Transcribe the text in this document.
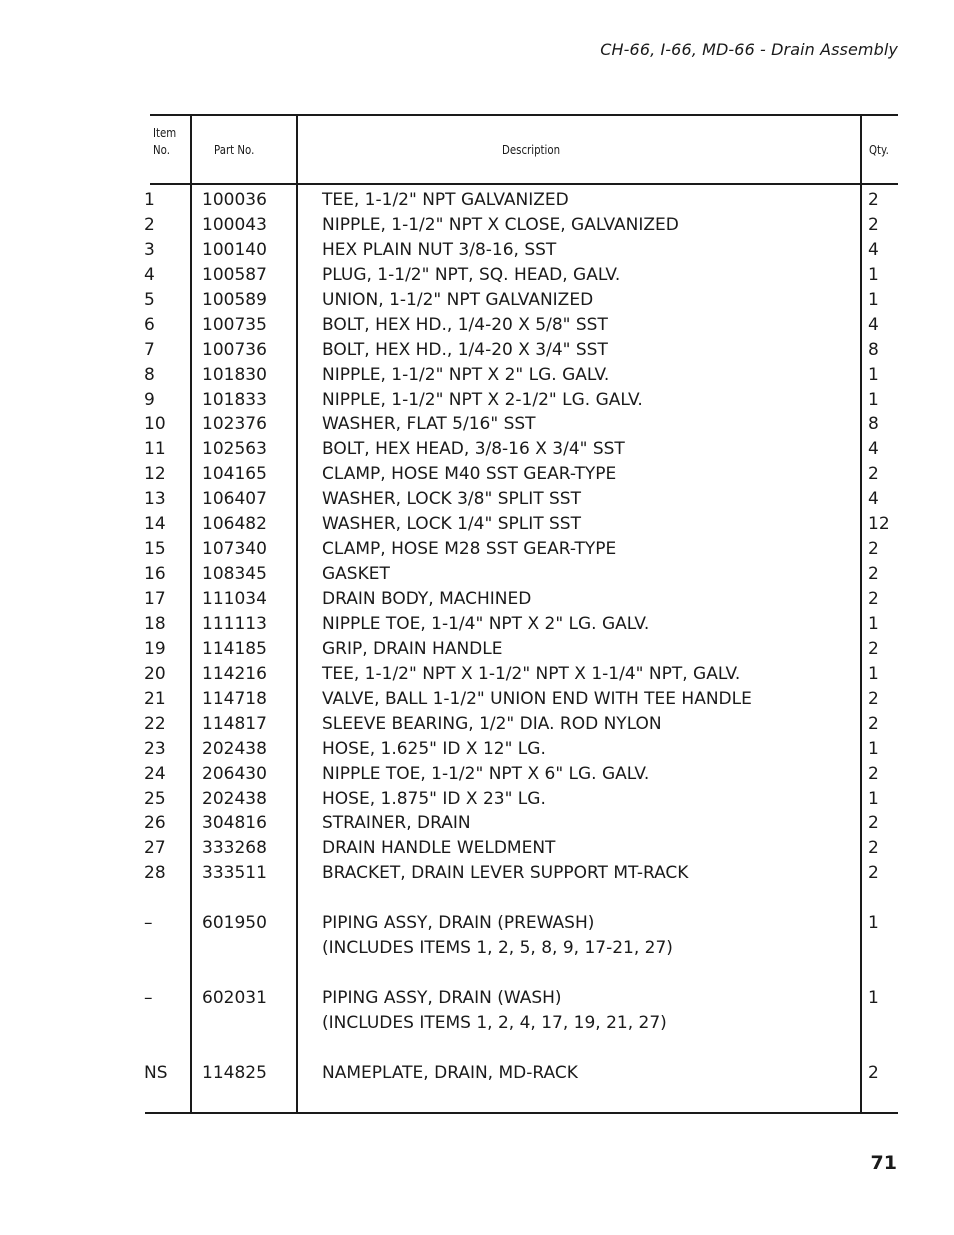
CH-66, I-66, MD-66 - Drain Assembly
Item
No.	Part No.	Description	Qty.
1	100036	TEE, 1-1/2" NPT GALVANIZED	2
2	100043	NIPPLE, 1-1/2" NPT X CLOSE, GALVANIZED	2
3	100140	HEX PLAIN NUT 3/8-16, SST	4
4	100587	PLUG, 1-1/2" NPT, SQ. HEAD, GALV.	1
5	100589	UNION, 1-1/2" NPT GALVANIZED	1
6	100735	BOLT, HEX HD., 1/4-20 X 5/8" SST	4
7	100736	BOLT, HEX HD., 1/4-20 X 3/4" SST	8
8	101830	NIPPLE, 1-1/2" NPT X 2" LG. GALV.	1
9	101833	NIPPLE, 1-1/2" NPT X 2-1/2" LG. GALV.	1
10 102376	WASHER, FLAT 5/16" SST	8
11 102563	BOLT, HEX HEAD, 3/8-16 X 3/4" SST	4
12 104165	CLAMP, HOSE M40 SST GEAR-TYPE	2
13 106407	WASHER, LOCK 3/8" SPLIT SST	4
14 106482	WASHER, LOCK 1/4" SPLIT SST	12
15 107340	CLAMP, HOSE M28 SST GEAR-TYPE	2
16 108345	GASKET	2
17 111034	DRAIN BODY, MACHINED	2
18 111113	NIPPLE TOE, 1-1/4" NPT X 2" LG. GALV.	1
19 114185	GRIP, DRAIN HANDLE	2
20 114216	TEE, 1-1/2" NPT X 1-1/2" NPT X 1-1/4" NPT, GALV.	1
21 114718	VALVE, BALL 1-1/2" UNION END WITH TEE HANDLE	2
22 114817	SLEEVE BEARING, 1/2" DIA. ROD NYLON	2
23 202438	HOSE, 1.625" ID X 12" LG.	1
24 206430	NIPPLE TOE, 1-1/2" NPT X 6" LG. GALV.	2
25 202438	HOSE, 1.875" ID X 23" LG.	1
26 304816	STRAINER, DRAIN	2
27 333268	DRAIN HANDLE WELDMENT	2
28 333511	BRACKET, DRAIN LEVER SUPPORT MT-RACK	2
–	601950	PIPING ASSY, DRAIN (PREWASH)	1
(INCLUDES ITEMS 1, 2, 5, 8, 9, 17-21, 27)
–	602031	PIPING ASSY, DRAIN (WASH)	1
(INCLUDES ITEMS 1, 2, 4, 17, 19, 21, 27)
NS 114825	NAMEPLATE, DRAIN, MD-RACK	2
71
